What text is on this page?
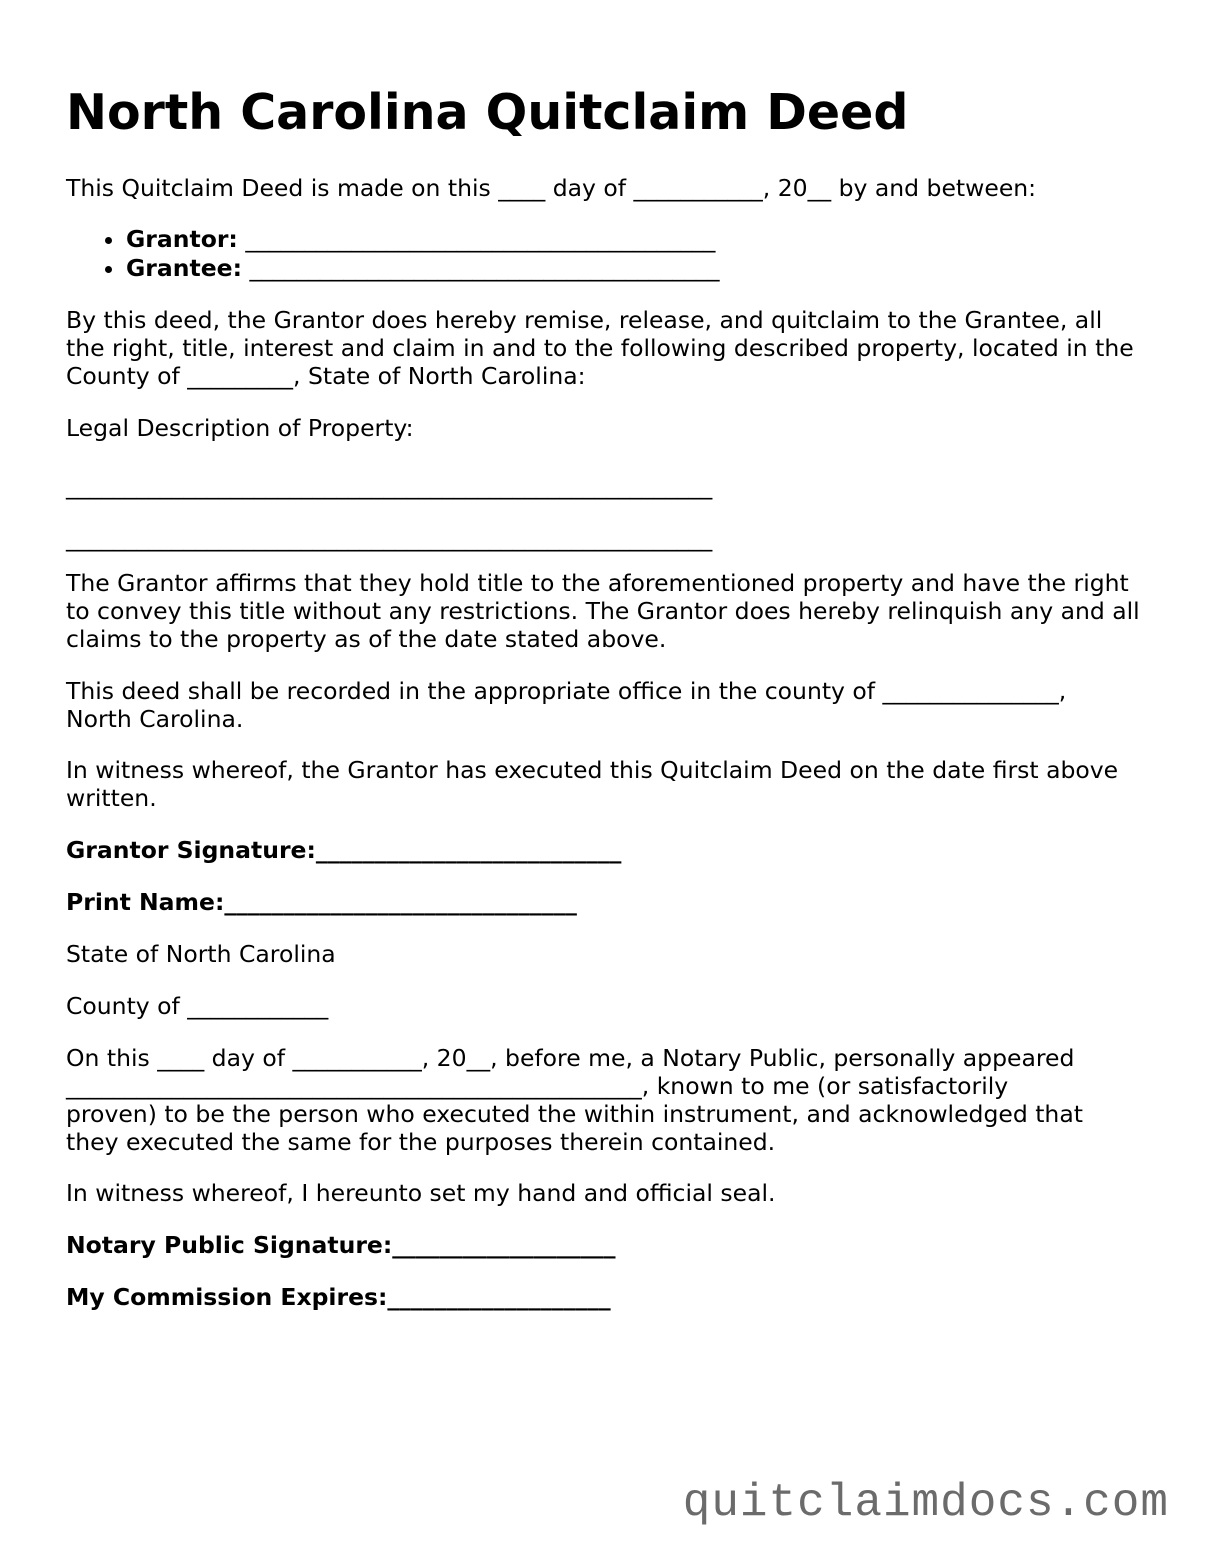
North Carolina Quitclaim Deed

This Quitclaim Deed is made on this ____ day of ___________, 20__ by and between:

• Grantor: ________________________________________
• Grantee: ________________________________________

By this deed, the Grantor does hereby remise, release, and quitclaim to the Grantee, all

the right, title, interest and claim in and to the following described property, located in the

County of _________, State of North Carolina:

Legal Description of Property:

_______________________________________________________

_______________________________________________________

The Grantor affirms that they hold title to the aforementioned property and have the right

to convey this title without any restrictions. The Grantor does hereby relinquish any and all

claims to the property as of the date stated above.

This deed shall be recorded in the appropriate office in the county of _______________,

North Carolina.

In witness whereof, the Grantor has executed this Quitclaim Deed on the date first above

written.

Grantor Signature:__________________________

Print Name:______________________________

State of North Carolina

County of ____________

On this ____ day of ___________, 20__, before me, a Notary Public, personally appeared

_________________________________________________, known to me (or satisfactorily

proven) to be the person who executed the within instrument, and acknowledged that

they executed the same for the purposes therein contained.

In witness whereof, I hereunto set my hand and official seal.

Notary Public Signature:___________________

My Commission Expires:___________________

quitclaimdocs.com
